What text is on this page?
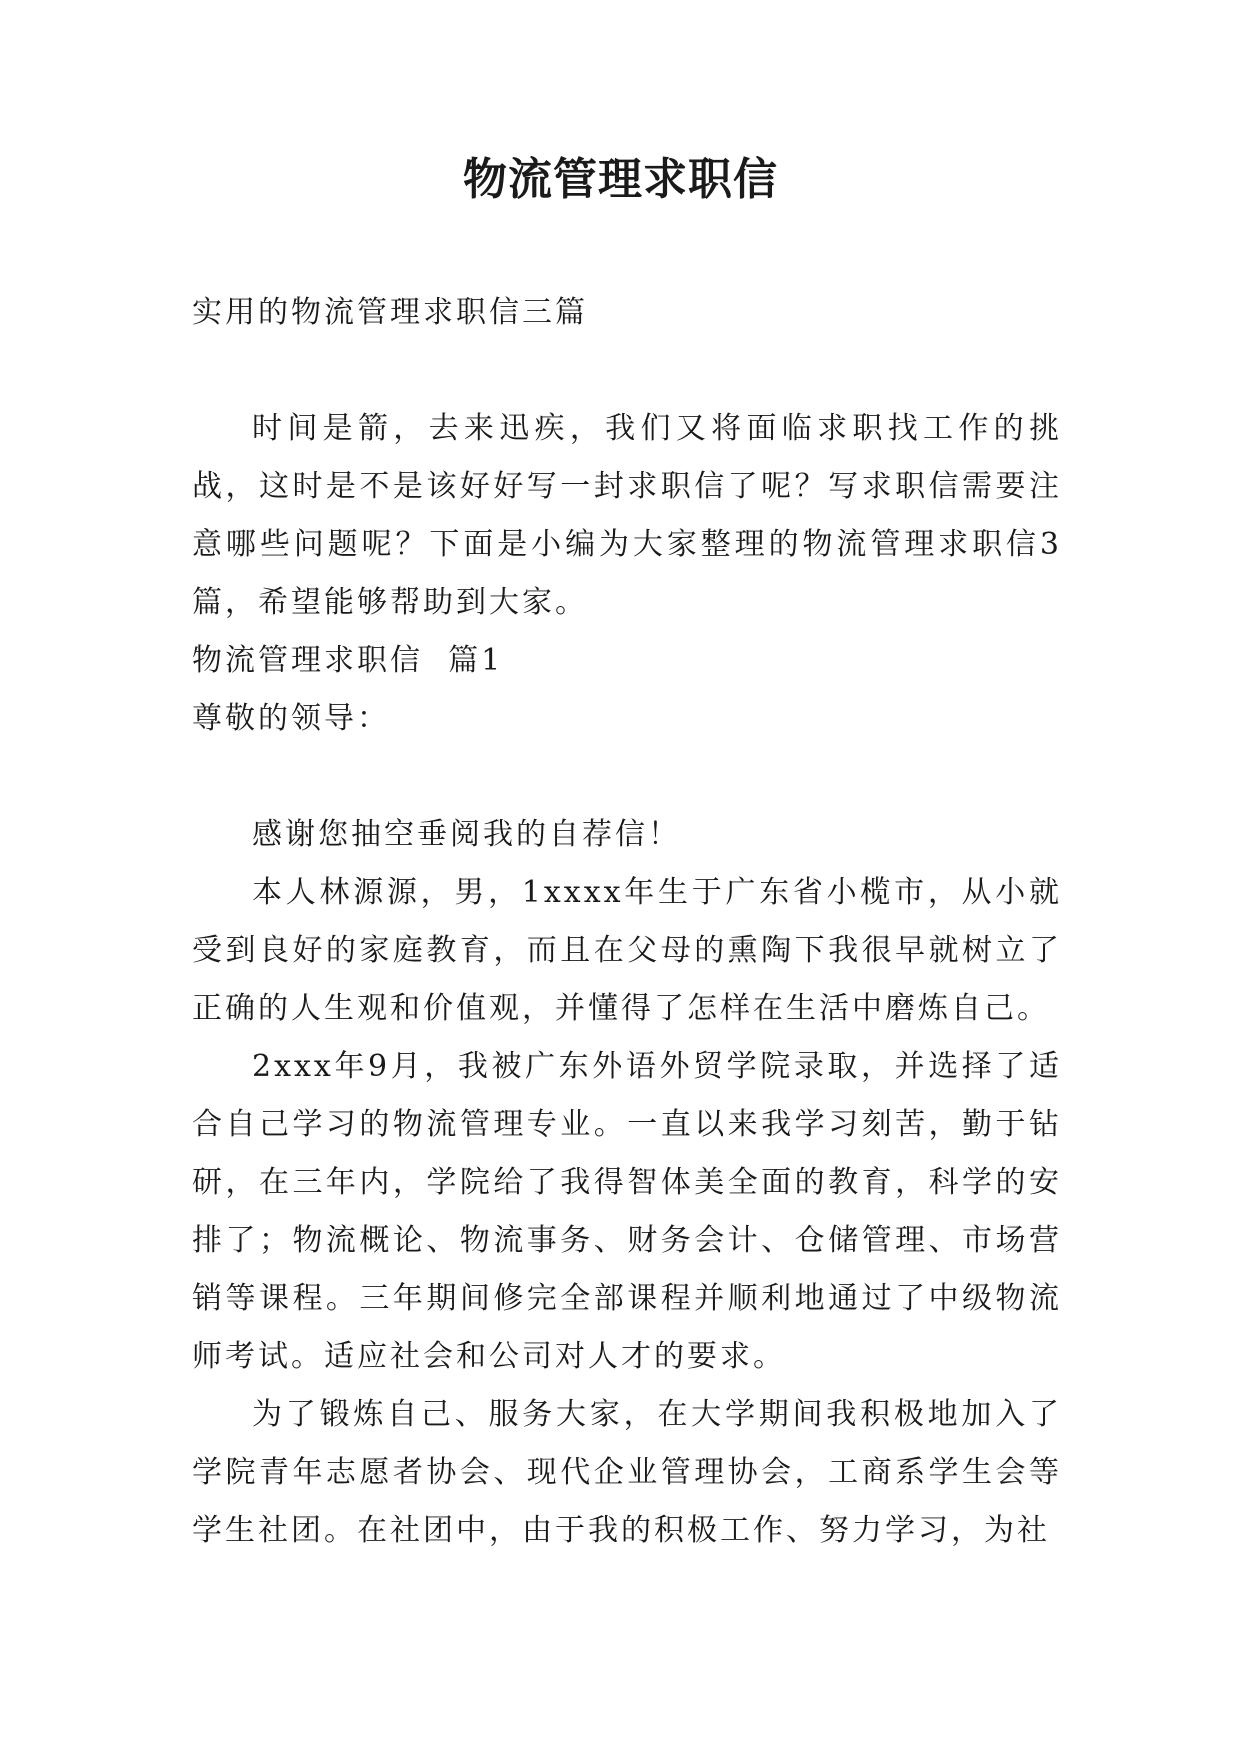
物流管理求职信

实用的物流管理求职信三篇

时间是箭，去来迅疾，我们又将面临求职找工作的挑战，这时是不是该好好写一封求职信了呢？写求职信需要注意哪些问题呢？下面是小编为大家整理的物流管理求职信3篇，希望能够帮助到大家。

物流管理求职信  篇1

尊敬的领导：

感谢您抽空垂阅我的自荐信！

本人林源源，男，1xxxx年生于广东省小榄市，从小就受到良好的家庭教育，而且在父母的熏陶下我很早就树立了正确的人生观和价值观，并懂得了怎样在生活中磨炼自己。

2xxx年9月，我被广东外语外贸学院录取，并选择了适合自己学习的物流管理专业。一直以来我学习刻苦，勤于钻研，在三年内，学院给了我得智体美全面的教育，科学的安排了；物流概论、物流事务、财务会计、仓储管理、市场营销等课程。三年期间修完全部课程并顺利地通过了中级物流师考试。适应社会和公司对人才的要求。

为了锻炼自己、服务大家，在大学期间我积极地加入了学院青年志愿者协会、现代企业管理协会，工商系学生会等学生社团。在社团中，由于我的积极工作、努力学习，为社
